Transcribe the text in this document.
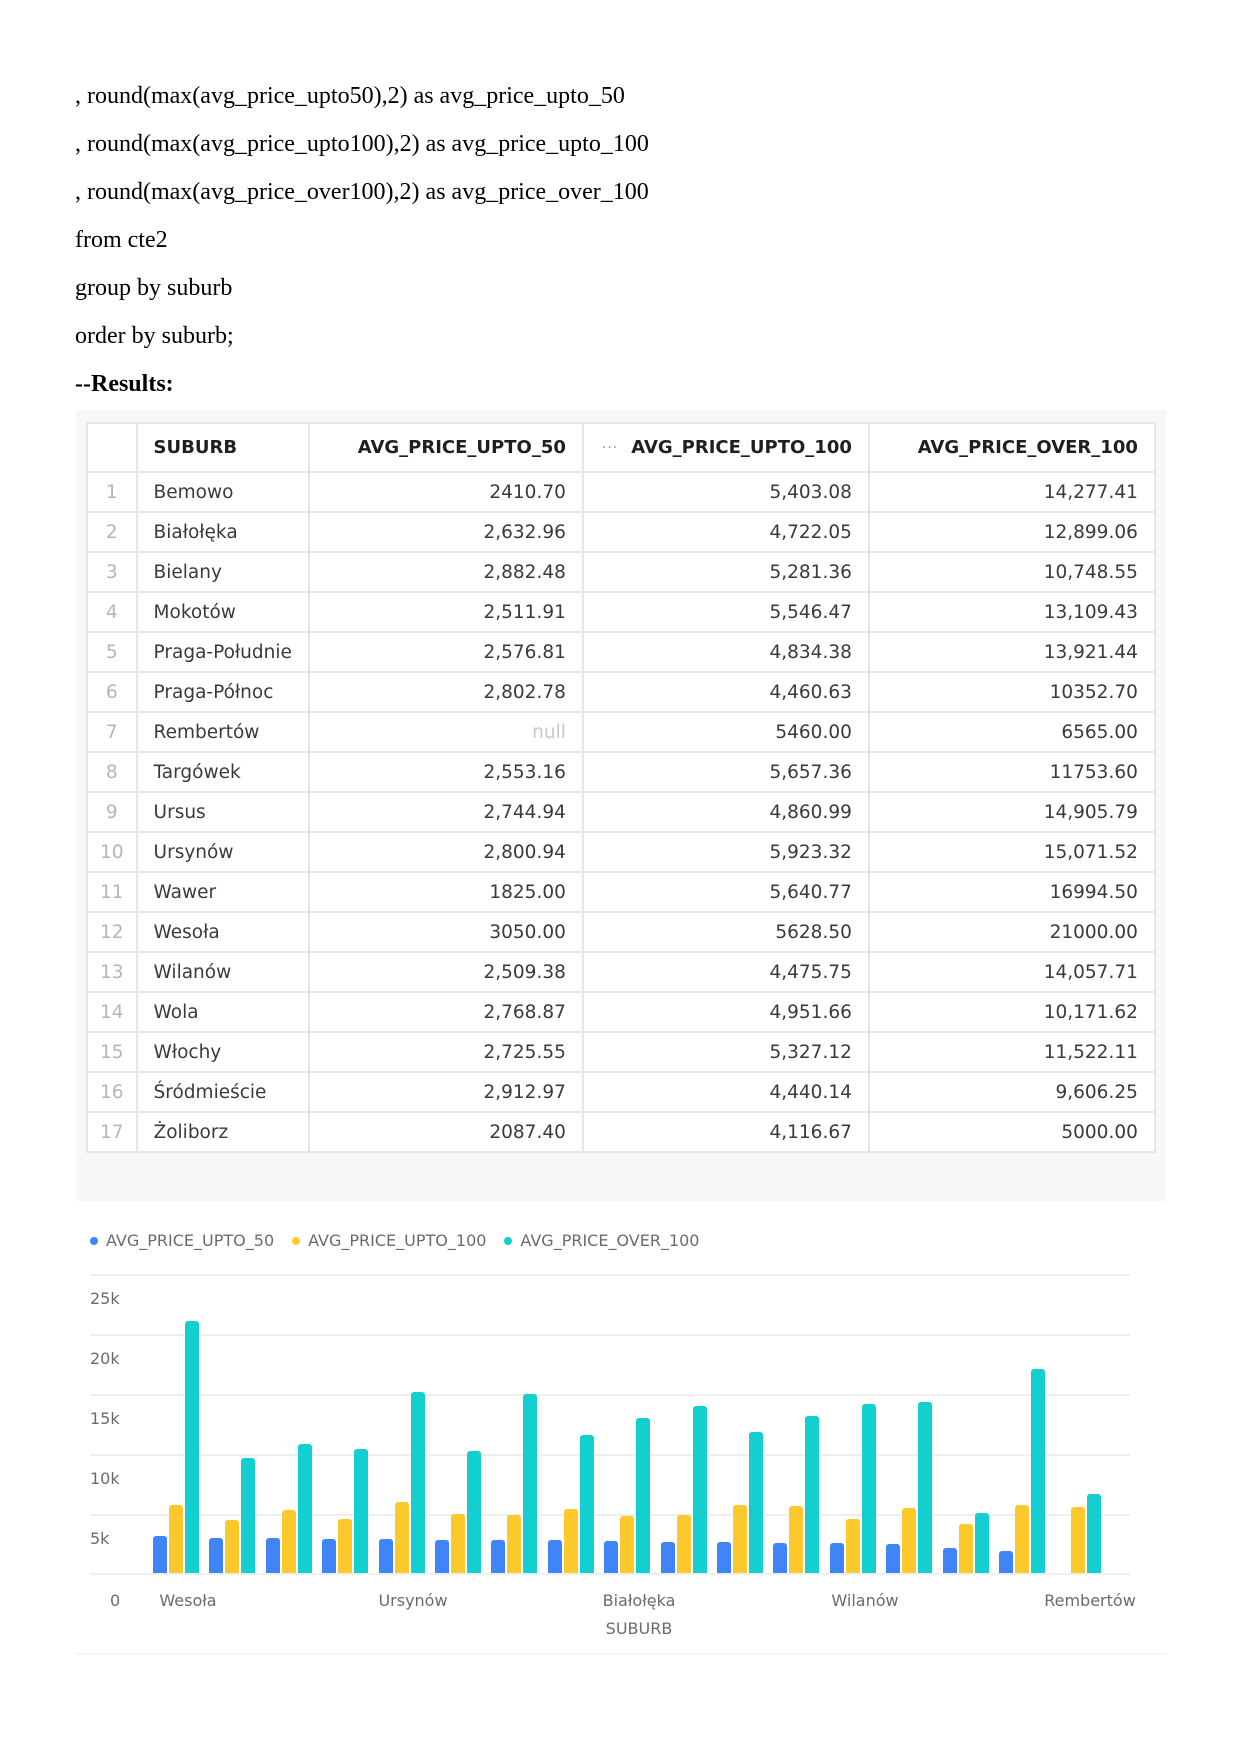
, round(max(avg_price_upto50),2) as avg_price_upto_50
, round(max(avg_price_upto100),2) as avg_price_upto_100
, round(max(avg_price_over100),2) as avg_price_over_100
from cte2
group by suburb
order by suburb;
--Results:
	SUBURB	AVG_PRICE_UPTO_50	··· AVG_PRICE_UPTO_100	AVG_PRICE_OVER_100
1	Bemowo	2410.70	5,403.08	14,277.41
2	Białołęka	2,632.96	4,722.05	12,899.06
3	Bielany	2,882.48	5,281.36	10,748.55
4	Mokotów	2,511.91	5,546.47	13,109.43
5	Praga-Południe	2,576.81	4,834.38	13,921.44
6	Praga-Północ	2,802.78	4,460.63	10352.70
7	Rembertów	null	5460.00	6565.00
8	Targówek	2,553.16	5,657.36	11753.60
9	Ursus	2,744.94	4,860.99	14,905.79
10	Ursynów	2,800.94	5,923.32	15,071.52
11	Wawer	1825.00	5,640.77	16994.50
12	Wesoła	3050.00	5628.50	21000.00
13	Wilanów	2,509.38	4,475.75	14,057.71
14	Wola	2,768.87	4,951.66	10,171.62
15	Włochy	2,725.55	5,327.12	11,522.11
16	Śródmieście	2,912.97	4,440.14	9,606.25
17	Żoliborz	2087.40	4,116.67	5000.00
AVG_PRICE_UPTO_50 AVG_PRICE_UPTO_100 AVG_PRICE_OVER_100
25k
20k
15k
10k
5k
0 Wesoła	Ursynów	Białołęka	Wilanów	Rembertów
SUBURB
